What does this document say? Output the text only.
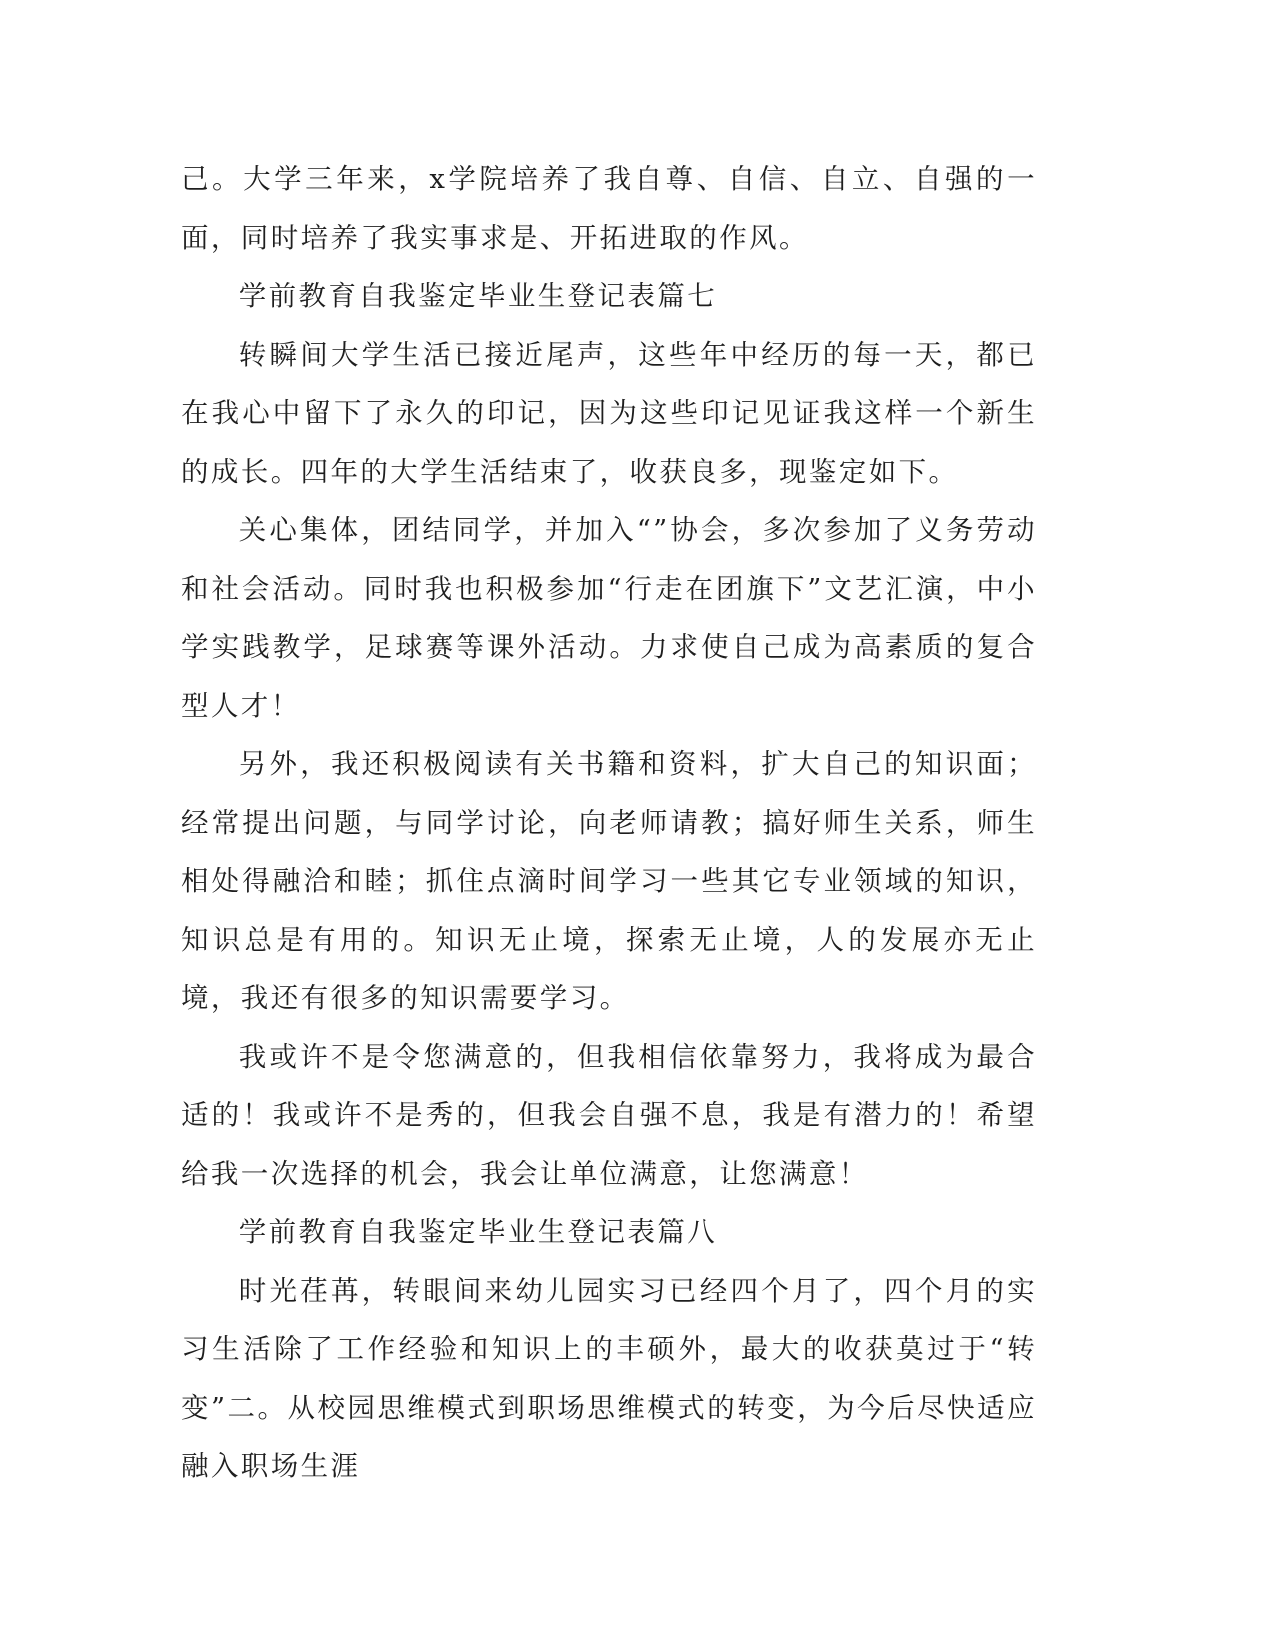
己。大学三年来，x学院培养了我自尊、自信、自立、自强的一面，同时培养了我实事求是、开拓进取的作风。

学前教育自我鉴定毕业生登记表篇七

转瞬间大学生活已接近尾声，这些年中经历的每一天，都已在我心中留下了永久的印记，因为这些印记见证我这样一个新生的成长。四年的大学生活结束了，收获良多，现鉴定如下。

关心集体，团结同学，并加入“”协会，多次参加了义务劳动和社会活动。同时我也积极参加“行走在团旗下”文艺汇演，中小学实践教学，足球赛等课外活动。力求使自己成为高素质的复合型人才！

另外，我还积极阅读有关书籍和资料，扩大自己的知识面；经常提出问题，与同学讨论，向老师请教；搞好师生关系，师生相处得融洽和睦；抓住点滴时间学习一些其它专业领域的知识，知识总是有用的。知识无止境，探索无止境，人的发展亦无止境，我还有很多的知识需要学习。

我或许不是令您满意的，但我相信依靠努力，我将成为最合适的！我或许不是秀的，但我会自强不息，我是有潜力的！希望给我一次选择的机会，我会让单位满意，让您满意！

学前教育自我鉴定毕业生登记表篇八

时光荏苒，转眼间来幼儿园实习已经四个月了，四个月的实习生活除了工作经验和知识上的丰硕外，最大的收获莫过于“转变”二。从校园思维模式到职场思维模式的转变，为今后尽快适应融入职场生涯
